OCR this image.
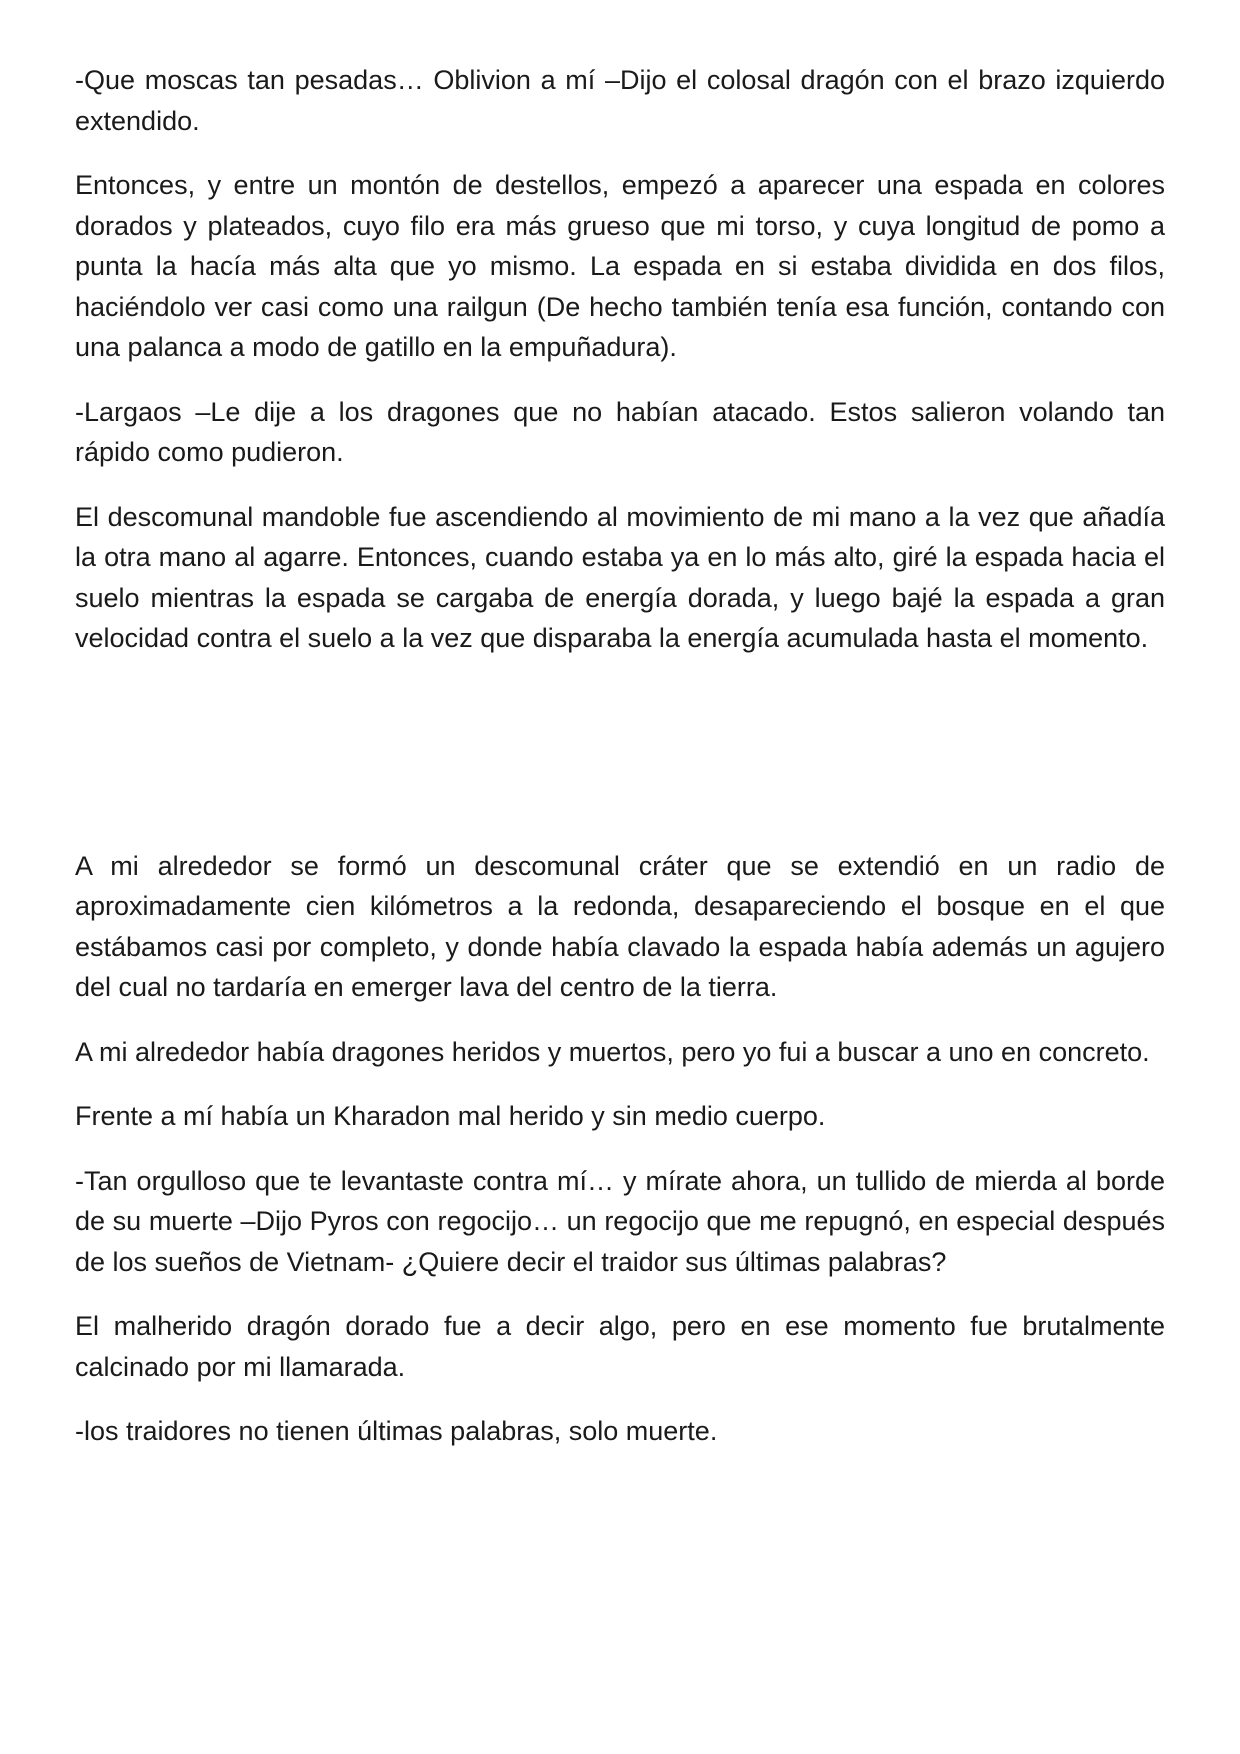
-Que moscas tan pesadas… Oblivion a mí –Dijo el colosal dragón con el brazo izquierdo extendido.

Entonces, y entre un montón de destellos, empezó a aparecer una espada en colores dorados y plateados, cuyo filo era más grueso que mi torso, y cuya longitud de pomo a punta la hacía más alta que yo mismo. La espada en si estaba dividida en dos filos, haciéndolo ver casi como una railgun (De hecho también tenía esa función, contando con una palanca a modo de gatillo en la empuñadura).

-Largaos –Le dije a los dragones que no habían atacado. Estos salieron volando tan rápido como pudieron.

El descomunal mandoble fue ascendiendo al movimiento de mi mano a la vez que añadía la otra mano al agarre. Entonces, cuando estaba ya en lo más alto, giré la espada hacia el suelo mientras la espada se cargaba de energía dorada, y luego bajé la espada a gran velocidad contra el suelo a la vez que disparaba la energía acumulada hasta el momento.

A mi alrededor se formó un descomunal cráter que se extendió en un radio de aproximadamente cien kilómetros a la redonda, desapareciendo el bosque en el que estábamos casi por completo, y donde había clavado la espada había además un agujero del cual no tardaría en emerger lava del centro de la tierra.

A mi alrededor había dragones heridos y muertos, pero yo fui a buscar a uno en concreto.

Frente a mí había un Kharadon mal herido y sin medio cuerpo.

-Tan orgulloso que te levantaste contra mí… y mírate ahora, un tullido de mierda al borde de su muerte –Dijo Pyros con regocijo… un regocijo que me repugnó, en especial después de los sueños de Vietnam- ¿Quiere decir el traidor sus últimas palabras?

El malherido dragón dorado fue a decir algo, pero en ese momento fue brutalmente calcinado por mi llamarada.

-los traidores no tienen últimas palabras, solo muerte.
